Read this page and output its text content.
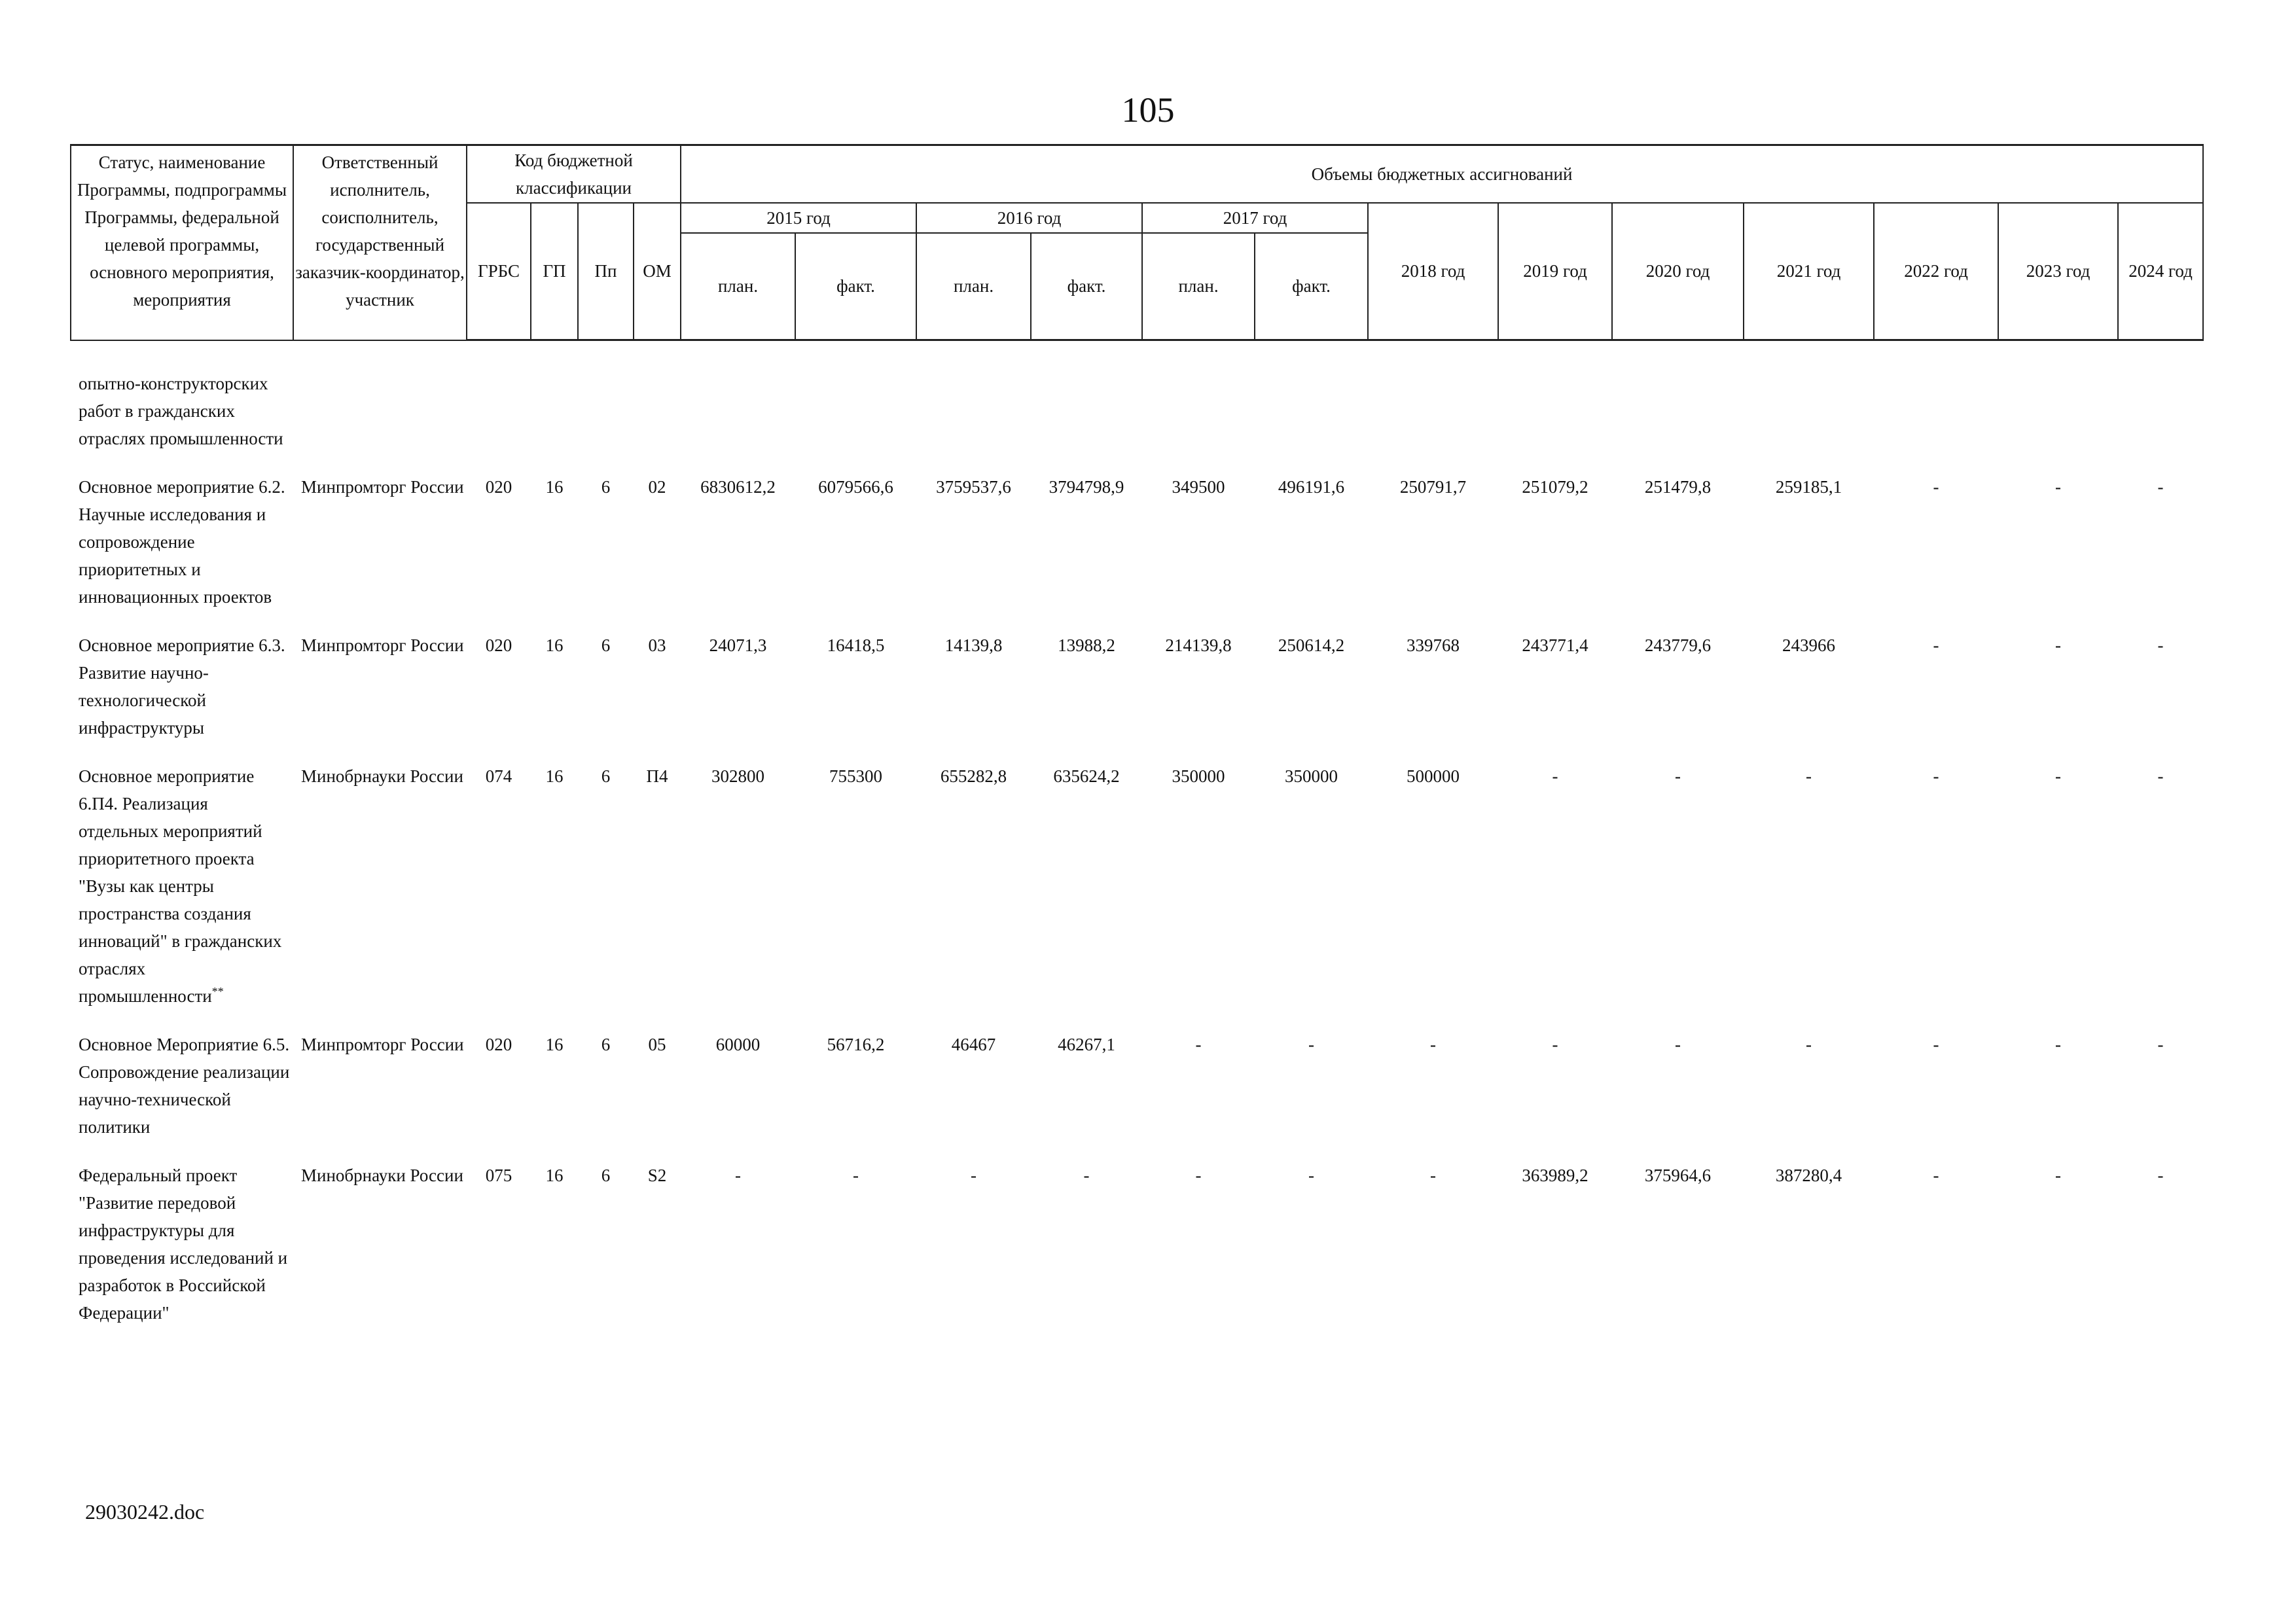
105
Статус, наименование Программы, подпрограммы Программы, федеральной целевой программы, основного мероприятия, мероприятия	Ответственный исполнитель, соисполнитель, государственный заказчик-координатор, участник	Код бюджетной классификации				Объемы бюджетных ассигнований												
		ГРБС	ГП	Пп	ОМ	2015 год		2016 год		2017 год		2018 год	2019 год	2020 год	2021 год	2022 год	2023 год	2024 год
						план.	факт.	план.	факт.	план.	факт.							
опытно-конструкторских работ в гражданских отраслях промышленности																		
Основное мероприятие 6.2. Научные исследования и сопровождение приоритетных и инновационных проектов	Минпромторг России	020	16	6	02	6830612,2	6079566,6	3759537,6	3794798,9	349500	496191,6	250791,7	251079,2	251479,8	259185,1	-	-	-
Основное мероприятие 6.3. Развитие научно-технологической инфраструктуры	Минпромторг России	020	16	6	03	24071,3	16418,5	14139,8	13988,2	214139,8	250614,2	339768	243771,4	243779,6	243966	-	-	-
Основное мероприятие 6.П4. Реализация отдельных мероприятий приоритетного проекта "Вузы как центры пространства создания инноваций" в гражданских отраслях промышленности**	Минобрнауки России	074	16	6	П4	302800	755300	655282,8	635624,2	350000	350000	500000	-	-	-	-	-	-
Основное Мероприятие 6.5. Сопровождение реализации научно-технической политики	Минпромторг России	020	16	6	05	60000	56716,2	46467	46267,1	-	-	-	-	-	-	-	-	-
Федеральный проект "Развитие передовой инфраструктуры для проведения исследований и разработок в Российской Федерации"	Минобрнауки России	075	16	6	S2	-	-	-	-	-	-	-	363989,2	375964,6	387280,4	-	-	-
29030242.doc
